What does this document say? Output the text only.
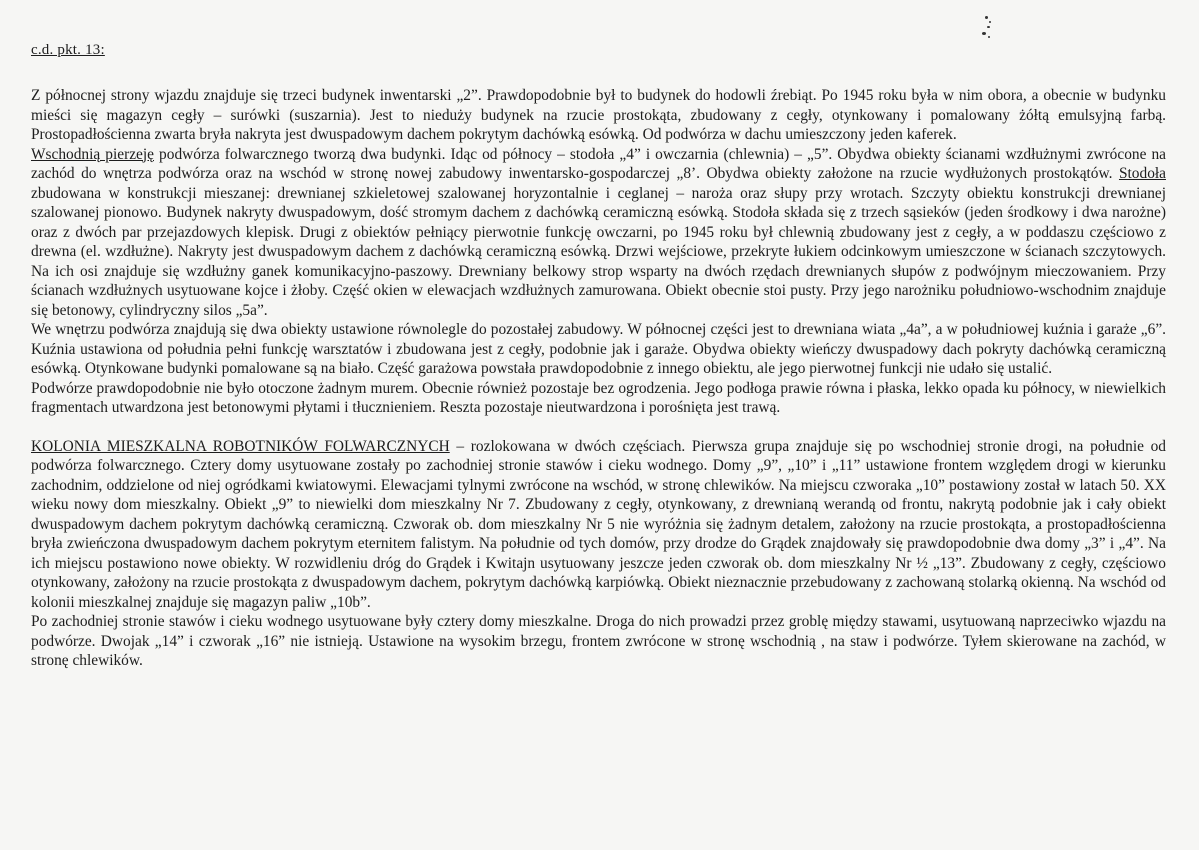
c.d. pkt. 13:

Z północnej strony wjazdu znajduje się trzeci budynek inwentarski „2”. Prawdopodobnie był to budynek do hodowli źrebiąt. Po 1945 roku była w nim obora, a obecnie w budynku mieści się magazyn cegły – surówki (suszarnia). Jest to nieduży budynek na rzucie prostokąta, zbudowany z cegły, otynkowany i pomalowany żółtą emulsyjną farbą. Prostopadłościenna zwarta bryła nakryta jest dwuspadowym dachem pokrytym dachówką esówką. Od podwórza w dachu umieszczony jeden kaferek.

Wschodnią pierzeję podwórza folwarcznego tworzą dwa budynki. Idąc od północy – stodoła „4” i owczarnia (chlewnia) – „5”. Obydwa obiekty ścianami wzdłużnymi zwrócone na zachód do wnętrza podwórza oraz na wschód w stronę nowej zabudowy inwentarsko-gospodarczej „8’. Obydwa obiekty założone na rzucie wydłużonych prostokątów. Stodoła zbudowana w konstrukcji mieszanej: drewnianej szkieletowej szalowanej horyzontalnie i ceglanej – naroża oraz słupy przy wrotach. Szczyty obiektu konstrukcji drewnianej szalowanej pionowo. Budynek nakryty dwuspadowym, dość stromym dachem z dachówką ceramiczną esówką. Stodoła składa się z trzech sąsieków (jeden środkowy i dwa narożne) oraz z dwóch par przejazdowych klepisk. Drugi z obiektów pełniący pierwotnie funkcję owczarni, po 1945 roku był chlewnią zbudowany jest z cegły, a w poddaszu częściowo z drewna (el. wzdłużne). Nakryty jest dwuspadowym dachem z dachówką ceramiczną esówką. Drzwi wejściowe, przekryte łukiem odcinkowym umieszczone w ścianach szczytowych. Na ich osi znajduje się wzdłużny ganek komunikacyjno-paszowy. Drewniany belkowy strop wsparty na dwóch rzędach drewnianych słupów z podwójnym mieczowaniem. Przy ścianach wzdłużnych usytuowane kojce i żłoby. Część okien w elewacjach wzdłużnych zamurowana. Obiekt obecnie stoi pusty. Przy jego narożniku południowo-wschodnim znajduje się betonowy, cylindryczny silos „5a”.

We wnętrzu podwórza znajdują się dwa obiekty ustawione równolegle do pozostałej zabudowy. W północnej części jest to drewniana wiata „4a”, a w południowej kuźnia i garaże „6”. Kuźnia ustawiona od południa pełni funkcję warsztatów i zbudowana jest z cegły, podobnie jak i garaże. Obydwa obiekty wieńczy dwuspadowy dach pokryty dachówką ceramiczną esówką. Otynkowane budynki pomalowane są na biało. Część garażowa powstała prawdopodobnie z innego obiektu, ale jego pierwotnej funkcji nie udało się ustalić.

Podwórze prawdopodobnie nie było otoczone żadnym murem. Obecnie również pozostaje bez ogrodzenia. Jego podłoga prawie równa i płaska, lekko opada ku północy, w niewielkich fragmentach utwardzona jest betonowymi płytami i tłucznieniem. Reszta pozostaje nieutwardzona i porośnięta jest trawą.

KOLONIA MIESZKALNA ROBOTNIKÓW FOLWARCZNYCH – rozlokowana w dwóch częściach. Pierwsza grupa znajduje się po wschodniej stronie drogi, na południe od podwórza folwarcznego. Cztery domy usytuowane zostały po zachodniej stronie stawów i cieku wodnego. Domy „9”, „10” i „11” ustawione frontem względem drogi w kierunku zachodnim, oddzielone od niej ogródkami kwiatowymi. Elewacjami tylnymi zwrócone na wschód, w stronę chlewików. Na miejscu czworaka „10” postawiony został w latach 50. XX wieku nowy dom mieszkalny. Obiekt „9” to niewielki dom mieszkalny Nr 7. Zbudowany z cegły, otynkowany, z drewnianą werandą od frontu, nakrytą podobnie jak i cały obiekt dwuspadowym dachem pokrytym dachówką ceramiczną. Czworak ob. dom mieszkalny Nr 5 nie wyróżnia się żadnym detalem, założony na rzucie prostokąta, a prostopadłościenna bryła zwieńczona dwuspadowym dachem pokrytym eternitem falistym. Na południe od tych domów, przy drodze do Grądek znajdowały się prawdopodobnie dwa domy „3” i „4”. Na ich miejscu postawiono nowe obiekty. W rozwidleniu dróg do Grądek i Kwitajn usytuowany jeszcze jeden czworak ob. dom mieszkalny Nr ½ „13”. Zbudowany z cegły, częściowo otynkowany, założony na rzucie prostokąta z dwuspadowym dachem, pokrytym dachówką karpiówką. Obiekt nieznacznie przebudowany z zachowaną stolarką okienną. Na wschód od kolonii mieszkalnej znajduje się magazyn paliw „10b”.

Po zachodniej stronie stawów i cieku wodnego usytuowane były cztery domy mieszkalne. Droga do nich prowadzi przez groblę między stawami, usytuowaną naprzeciwko wjazdu na podwórze. Dwojak „14” i czworak „16” nie istnieją. Ustawione na wysokim brzegu, frontem zwrócone w stronę wschodnią , na staw i podwórze. Tyłem skierowane na zachód, w stronę chlewików.
